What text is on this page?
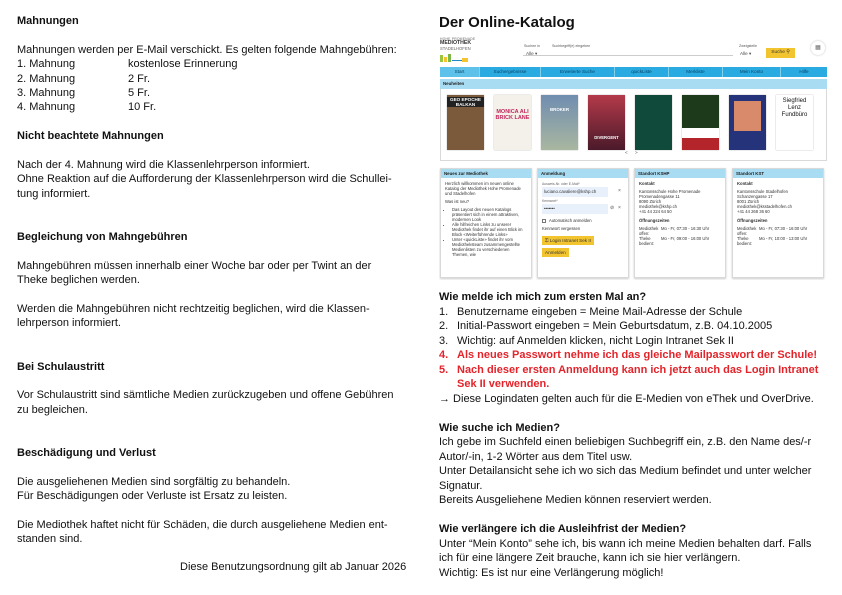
Mahnungen

Mahnungen werden per E-Mail verschickt. Es gelten folgende Mahngebühren:

1. Mahnung	kostenlose Erinnerung
2. Mahnung	2 Fr.
3. Mahnung	5 Fr.
4. Mahnung	10 Fr.
Nicht beachtete Mahnungen

Nach der 4. Mahnung wird die Klassenlehrperson informiert.

Ohne Reaktion auf die Aufforderung der Klassenlehrperson wird die Schullei-

tung informiert.

Begleichung von Mahngebühren

Mahngebühren müssen innerhalb einer Woche bar oder per Twint an der

Theke beglichen werden.

Werden die Mahngebühren nicht rechtzeitig beglichen, wird die Klassen-

lehrperson informiert.

Bei Schulaustritt

Vor Schulaustritt sind sämtliche Medien zurückzugeben und offene Gebühren

zu begleichen.

Beschädigung und Verlust

Die ausgeliehenen Medien sind sorgfältig zu behandeln.

Für Beschädigungen oder Verluste ist Ersatz zu leisten.

Die Mediothek haftet nicht für Schäden, die durch ausgeliehene Medien ent-

standen sind.

Diese Benutzungsordnung gilt ab Januar 2026
Der Online-Katalog
HOHE PROMENADE
MEDIOTHEK
STADELHOFEN	Suchen in
Alle ▾
Suchbegriff(e) eingeben	Zweigstelle
Alle ▾	Suche ⚲
▦
Start	Suchergebnisse	Erweiterte Suche	quickListe	Merkliste	Mein Konto	Hilfe
Neuheiten
GEO EPOCHE BALKAN
MONICA ALI BRICK LANE
BROKER
DIVERGENT
Siegfried Lenz Fundbüro
< >
Neues zur Mediothek

Herzlich willkommen im neuen online Katalog der Mediothek Hohe Promenade und Stadelhofen

Was ist neu?

• Das Layout des neuen Katalogs präsentiert sich in einem attraktiven, modernen Look
• Alle hilfreichen Links zu unserer Mediothek findet ihr auf einen Blick im Block «Weiterführende Links»
• Unter «quickListe» findet ihr vom Mediotheksteam zusammengestellte Medienlisten zu verschiedenen Themen, wie
Anmeldung
Ausweis-Nr. oder E-Mail*
luciano.cavaliere@kshp.ch	×
Kennwort*
•••••••	⊘ ×
Automatisch anmelden
Kennwort vergessen
⚿ Login Intranet Sek II
Anmelden
Standort KSHP

Kontakt

Kantonsschule Hohe Promenade

Promenadengasse 11

8090 Zürich

mediothek@kshp.ch

+41 44 224 64 50

Öffnungszeiten

Mediothek offen:
Mo - Fr, 07:30 - 16:30 Uhr
Theke bedient:
Mo - Fr, 09:00 - 16:00 Uhr
Standort KST

Kontakt

Kantonsschule Stadelhofen

Schanzengasse 17

8001 Zürich

mediothek@ksstadelhofen.ch

+41 44 268 36 60

Öffnungszeiten

Mediothek offen:
Mo - Fr, 07:30 - 16:00 Uhr
Theke bedient:
Mo - Fr, 10:00 - 13:00 Uhr
Wie melde ich mich zum ersten Mal an?
1. Benutzername eingeben = Meine Mail-Adresse der Schule
2. Initial-Passwort eingeben = Mein Geburtsdatum, z.B. 04.10.2005
3. Wichtig: auf Anmelden klicken, nicht Login Intranet Sek II
4. Als neues Passwort nehme ich das gleiche Mailpasswort der Schule!
5. Nach dieser ersten Anmeldung kann ich jetzt auch das Login Intranet Sek II verwenden.

→ Diese Logindaten gelten auch für die E-Medien von eThek und OverDrive.

Wie suche ich Medien?

Ich gebe im Suchfeld einen beliebigen Suchbegriff ein, z.B. den Name des/-r

Autor/-in, 1-2 Wörter aus dem Titel usw.

Unter Detailansicht sehe ich wo sich das Medium befindet und unter welcher

Signatur.

Bereits Ausgeliehene Medien können reserviert werden.

Wie verlängere ich die Ausleihfrist der Medien?

Unter “Mein Konto” sehe ich, bis wann ich meine Medien behalten darf. Falls

ich für eine längere Zeit brauche, kann ich sie hier verlängern.

Wichtig: Es ist nur eine Verlängerung möglich!
